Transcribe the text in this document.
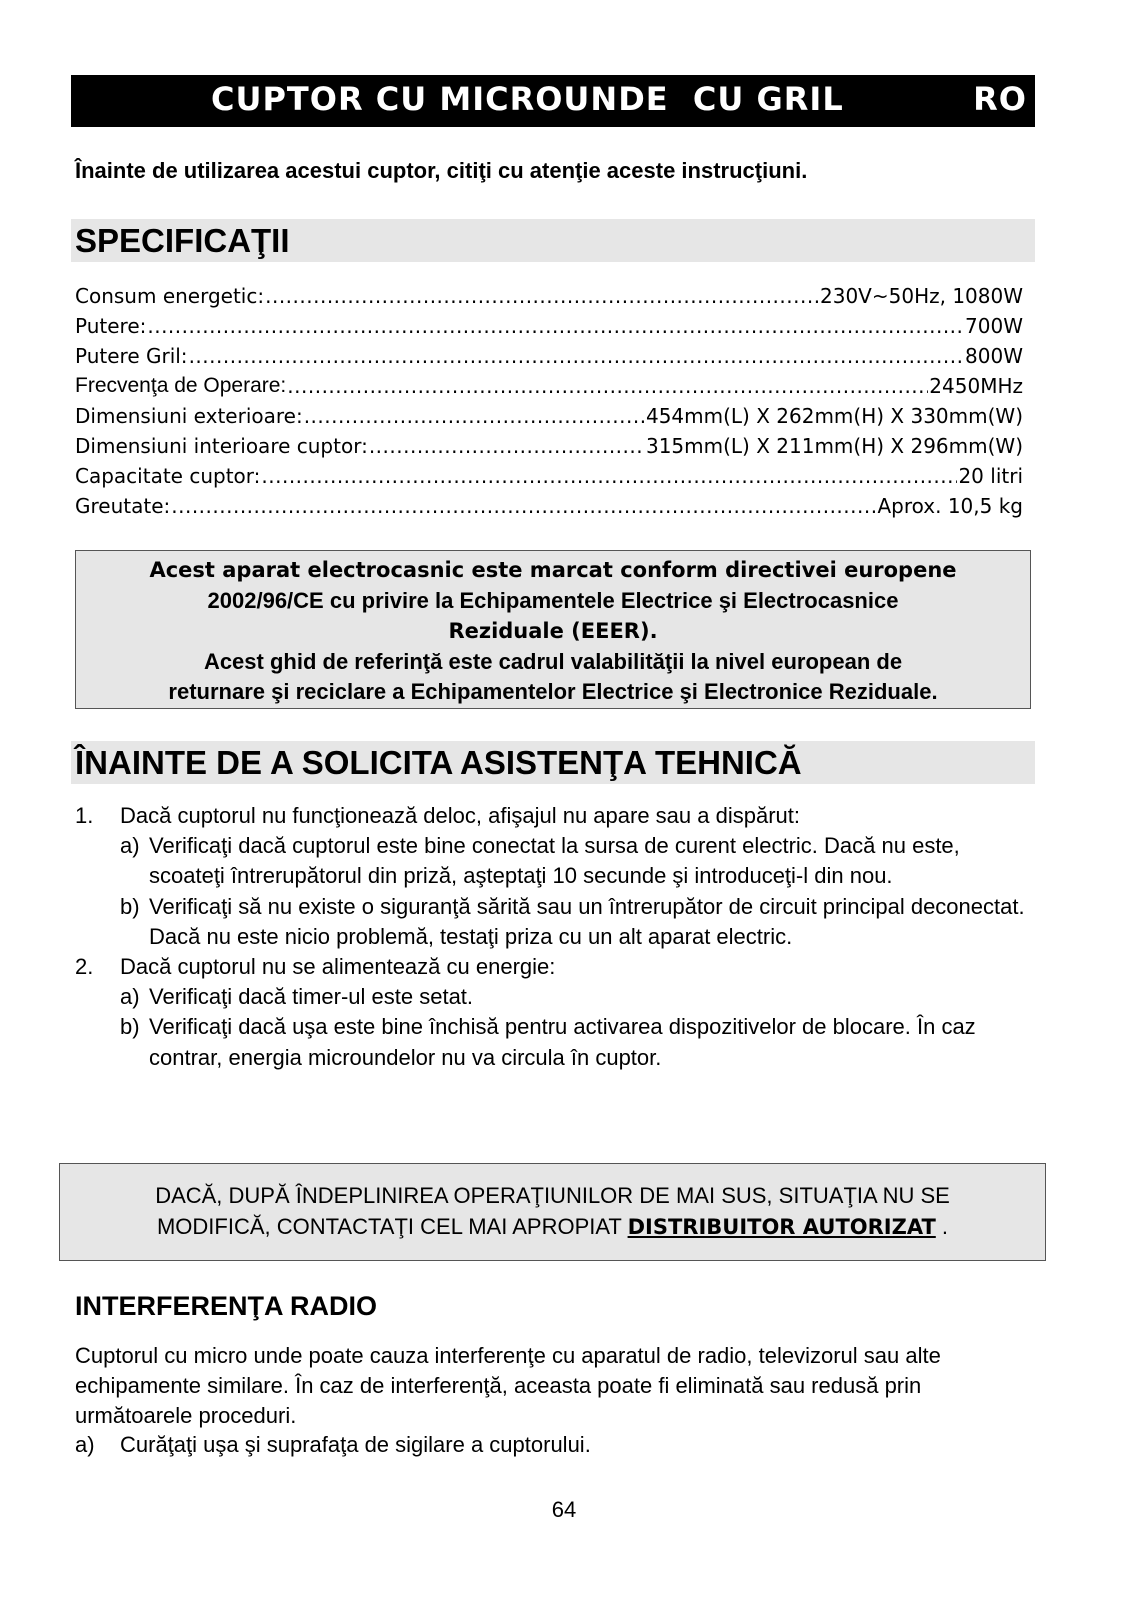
CUPTOR CU MICROUNDE  CU GRIL	RO
Înainte de utilizarea acestui cuptor, citiţi cu atenţie aceste instrucţiuni.
SPECIFICAŢII
Consum energetic: .....	230V~50Hz, 1080W
Putere: .....	700W
Putere Gril: .....	800W
Frecvenţa de Operare: .....	2450MHz
Dimensiuni exterioare: .....	454mm(L) X 262mm(H) X 330mm(W)
Dimensiuni interioare cuptor: .....	315mm(L) X 211mm(H) X 296mm(W)
Capacitate cuptor: .....	20 litri
Greutate: .....	Aprox. 10,5 kg
Acest aparat electrocasnic este marcat conform directivei europene
2002/96/CE cu privire la Echipamentele Electrice şi Electrocasnice
Reziduale (EEER).
Acest ghid de referinţă este cadrul valabilităţii la nivel european de
returnare şi reciclare a Echipamentelor Electrice şi Electronice Reziduale.
ÎNAINTE DE A SOLICITA ASISTENŢA TEHNICĂ
1.	Dacă cuptorul nu funcţionează deloc, afişajul nu apare sau a dispărut:
a) Verificaţi dacă cuptorul este bine conectat la sursa de curent electric. Dacă nu este, scoateţi întrerupătorul din priză, aşteptaţi 10 secunde şi introduceţi-l din nou.
b) Verificaţi să nu existe o siguranţă sărită sau un întrerupător de circuit principal deconectat. Dacă nu este nicio problemă, testaţi priza cu un alt aparat electric.
2.	Dacă cuptorul nu se alimentează cu energie:
a) Verificaţi dacă timer-ul este setat.
b) Verificaţi dacă uşa este bine închisă pentru activarea dispozitivelor de blocare. În caz contrar, energia microundelor nu va circula în cuptor.
DACĂ, DUPĂ ÎNDEPLINIREA OPERAŢIUNILOR DE MAI SUS, SITUAŢIA NU SE
MODIFICĂ, CONTACTAŢI CEL MAI APROPIAT DISTRIBUITOR AUTORIZAT .
INTERFERENŢA RADIO
Cuptorul cu micro unde poate cauza interferenţe cu aparatul de radio, televizorul sau alte echipamente similare. În caz de interferenţă, aceasta poate fi eliminată sau redusă prin următoarele proceduri.
a) Curăţaţi uşa şi suprafaţa de sigilare a cuptorului.
64
